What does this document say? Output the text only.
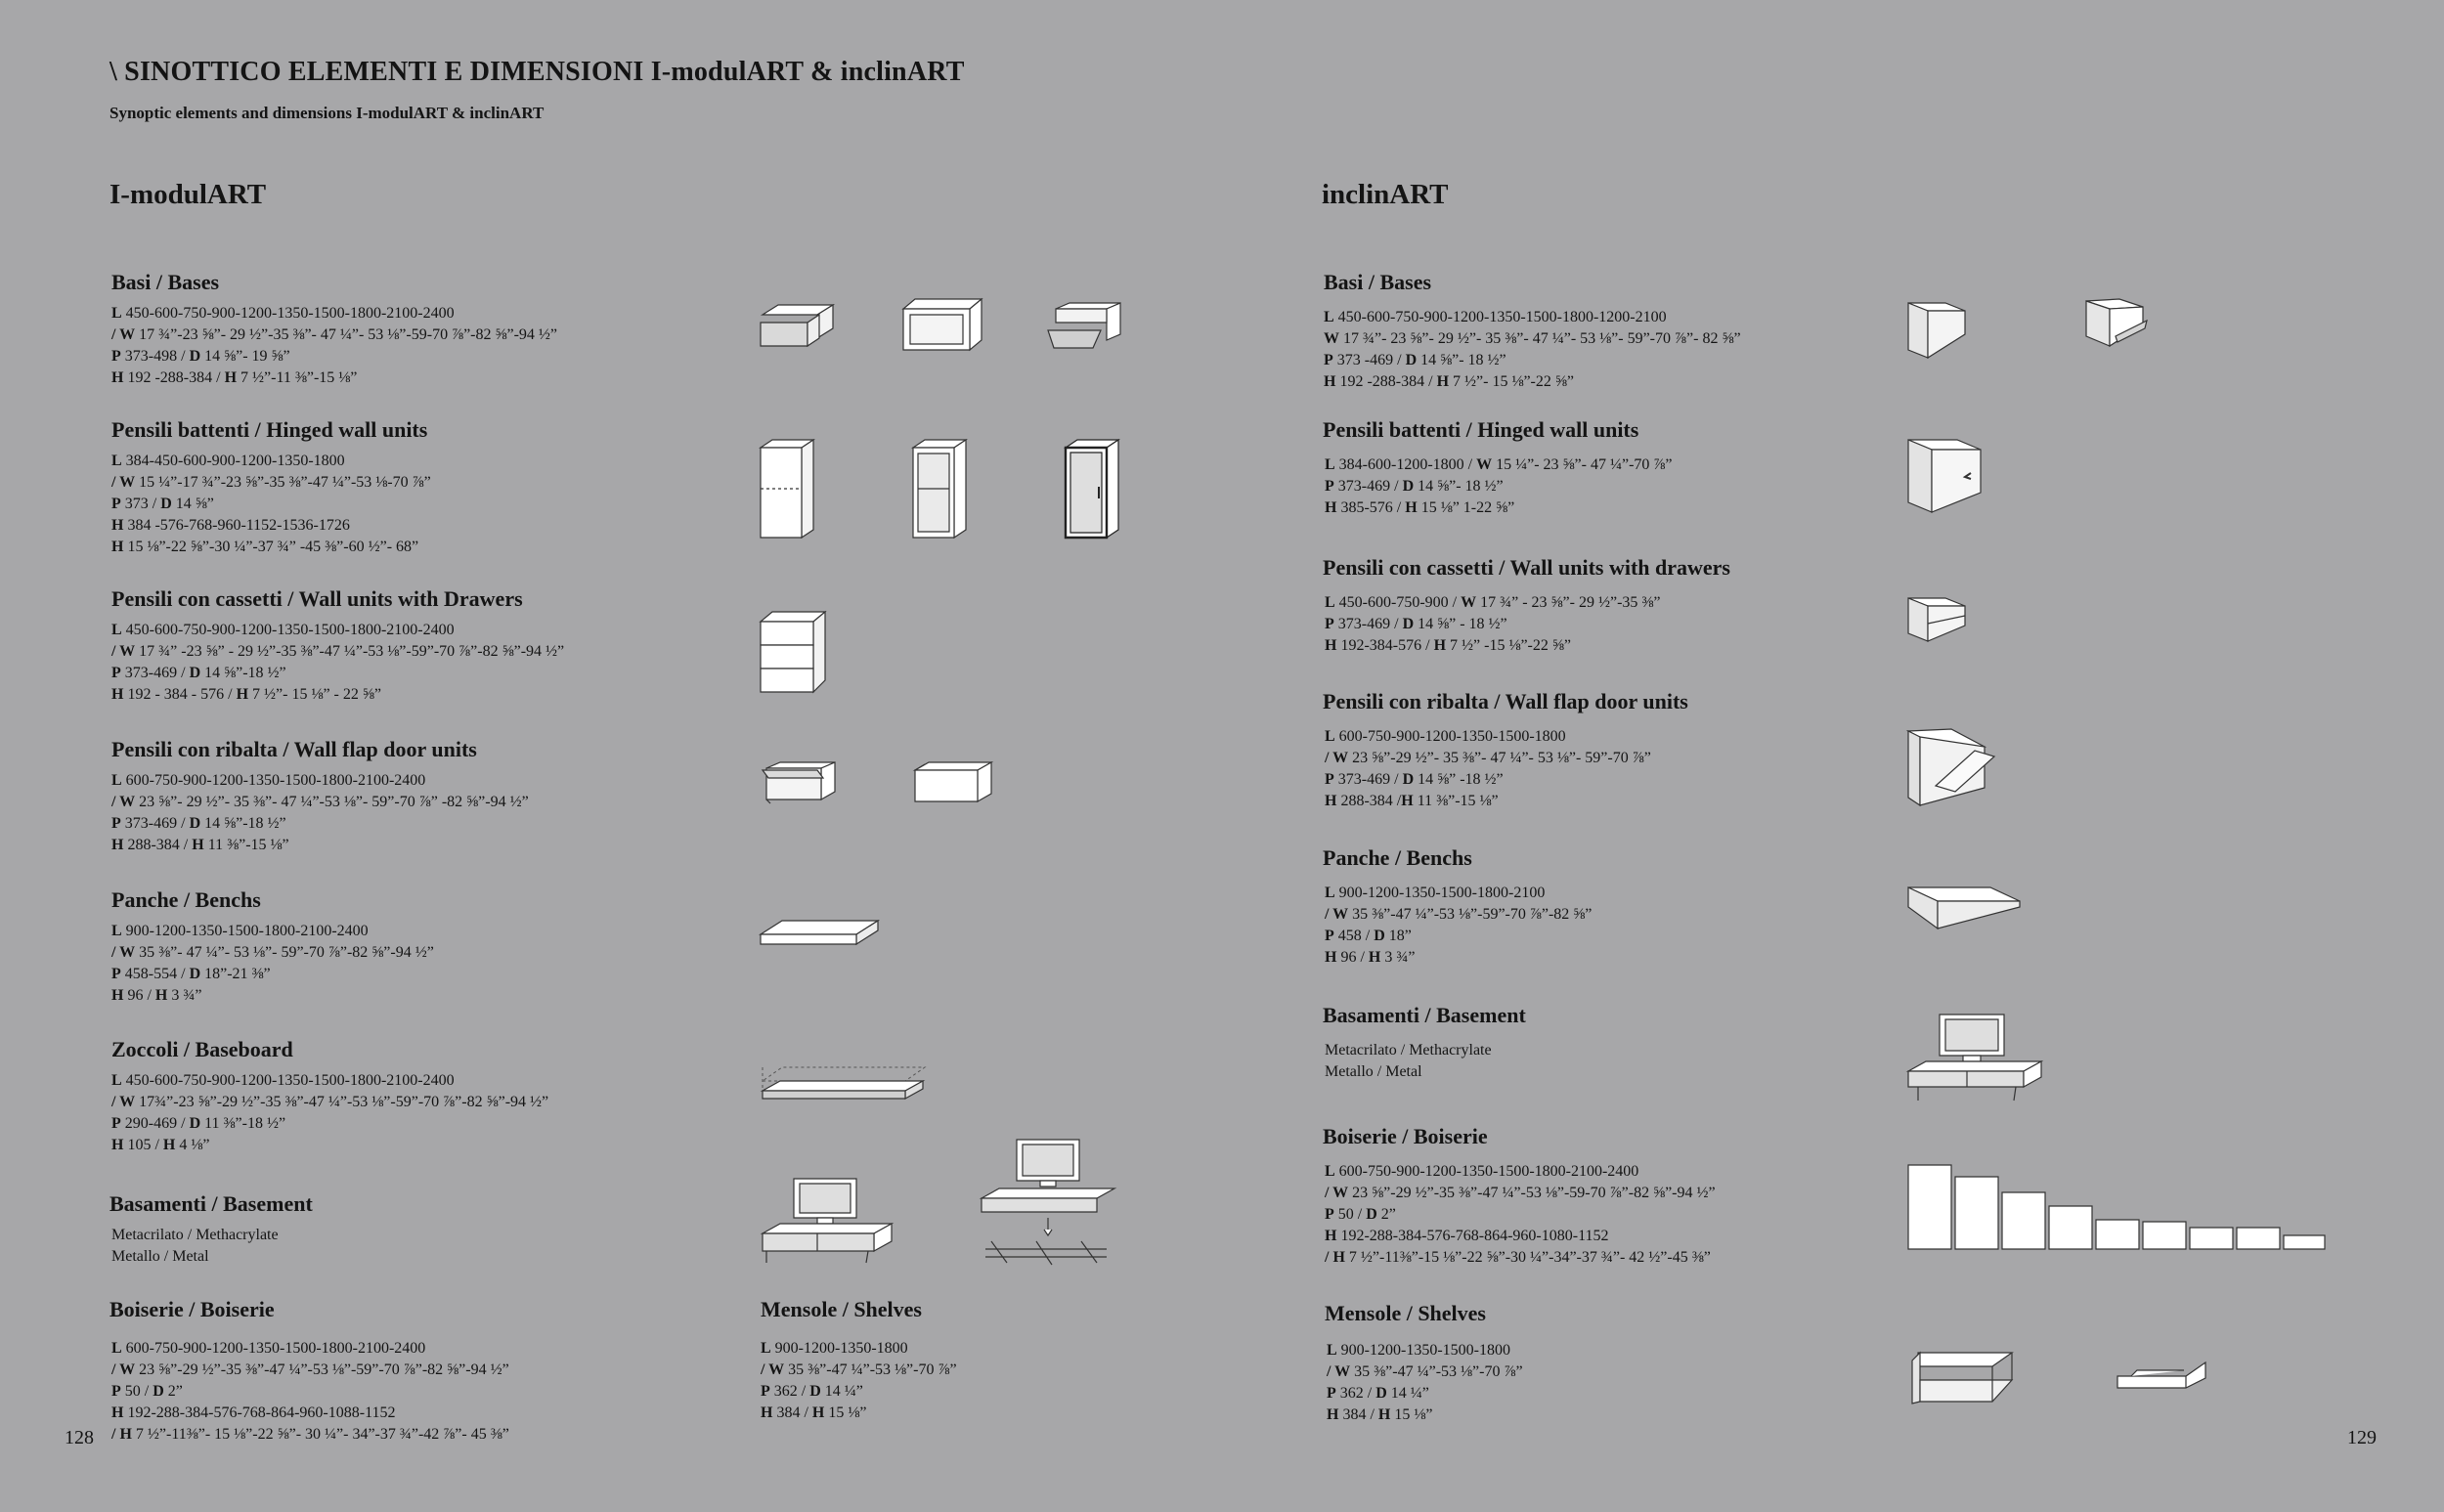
\ SINOTTICO ELEMENTI E DIMENSIONI I-modulART & inclinART
Synoptic elements and dimensions I-modulART & inclinART
I-modulART	inclinART
Basi / Bases
L 450-600-750-900-1200-1350-1500-1800-2100-2400
/ W 17 ¾”-23 ⅝”- 29 ½”-35 ⅜”- 47 ¼”- 53 ⅛”-59-70 ⅞”-82 ⅝”-94 ½”
P 373-498 / D 14 ⅝”- 19 ⅝”
H 192 -288-384 / H 7 ½”-11 ⅜”-15 ⅛”
Pensili battenti / Hinged wall units
L 384-450-600-900-1200-1350-1800
/ W 15 ¼”-17 ¾”-23 ⅝”-35 ⅜”-47 ¼”-53 ⅛-70 ⅞”
P 373 / D 14 ⅝”
H 384 -576-768-960-1152-1536-1726
H 15 ⅛”-22 ⅝”-30 ¼”-37 ¾” -45 ⅜”-60 ½”- 68”
Pensili con cassetti / Wall units with Drawers
L 450-600-750-900-1200-1350-1500-1800-2100-2400
/ W 17 ¾” -23 ⅝” - 29 ½”-35 ⅜”-47 ¼”-53 ⅛”-59”-70 ⅞”-82 ⅝”-94 ½”
P 373-469 / D 14 ⅝”-18 ½”
H 192 - 384 - 576 / H 7 ½”- 15 ⅛” - 22 ⅝”
Pensili con ribalta / Wall flap door units
L 600-750-900-1200-1350-1500-1800-2100-2400
/ W 23 ⅝”- 29 ½”- 35 ⅜”- 47 ¼”-53 ⅛”- 59”-70 ⅞” -82 ⅝”-94 ½”
P 373-469 / D 14 ⅝”-18 ½”
H 288-384 / H 11 ⅜”-15 ⅛”
Panche / Benchs
L 900-1200-1350-1500-1800-2100-2400
/ W 35 ⅜”- 47 ¼”- 53 ⅛”- 59”-70 ⅞”-82 ⅝”-94 ½”
P 458-554 / D 18”-21 ⅜”
H 96 / H 3 ¾”
Zoccoli / Baseboard
L 450-600-750-900-1200-1350-1500-1800-2100-2400
/ W 17¾”-23 ⅝”-29 ½”-35 ⅜”-47 ¼”-53 ⅛”-59”-70 ⅞”-82 ⅝”-94 ½”
P 290-469 / D 11 ⅜”-18 ½”
H 105 / H 4 ⅛”
Basamenti / Basement
Metacrilato / Methacrylate
Metallo / Metal
Boiserie / Boiserie
L 600-750-900-1200-1350-1500-1800-2100-2400
/ W 23 ⅝”-29 ½”-35 ⅜”-47 ¼”-53 ⅛”-59”-70 ⅞”-82 ⅝”-94 ½”
P 50 / D 2”
H 192-288-384-576-768-864-960-1088-1152
/ H 7 ½”-11⅜”- 15 ⅛”-22 ⅝”- 30 ¼”- 34”-37 ¾”-42 ⅞”- 45 ⅜”
Mensole / Shelves
L 900-1200-1350-1800
/ W 35 ⅜”-47 ¼”-53 ⅛”-70 ⅞”
P 362 / D 14 ¼”
H 384 / H 15 ⅛”
128
Basi / Bases
L 450-600-750-900-1200-1350-1500-1800-1200-2100
W 17 ¾”- 23 ⅝”- 29 ½”- 35 ⅜”- 47 ¼”- 53 ⅛”- 59”-70 ⅞”- 82 ⅝”
P 373 -469 / D 14 ⅝”- 18 ½”
H 192 -288-384 / H 7 ½”- 15 ⅛”-22 ⅝”
Pensili battenti / Hinged wall units
L 384-600-1200-1800 / W 15 ¼”- 23 ⅝”- 47 ¼”-70 ⅞”
P 373-469 / D 14 ⅝”- 18 ½”
H 385-576 / H 15 ⅛” 1-22 ⅝”
Pensili con cassetti / Wall units with drawers
L 450-600-750-900 / W 17 ¾” - 23 ⅝”- 29 ½”-35 ⅜”
P 373-469 / D 14 ⅝” - 18 ½”
H 192-384-576 / H 7 ½” -15 ⅛”-22 ⅝”
Pensili con ribalta / Wall flap door units
L 600-750-900-1200-1350-1500-1800
/ W 23 ⅝”-29 ½”- 35 ⅜”- 47 ¼”- 53 ⅛”- 59”-70 ⅞”
P 373-469 / D 14 ⅝” -18 ½”
H 288-384 /H 11 ⅜”-15 ⅛”
Panche / Benchs
L 900-1200-1350-1500-1800-2100
/ W 35 ⅜”-47 ¼”-53 ⅛”-59”-70 ⅞”-82 ⅝”
P 458 / D 18”
H 96 / H 3 ¾”
Basamenti / Basement
Metacrilato / Methacrylate
Metallo / Metal
Boiserie / Boiserie
L 600-750-900-1200-1350-1500-1800-2100-2400
/ W 23 ⅝”-29 ½”-35 ⅜”-47 ¼”-53 ⅛”-59-70 ⅞”-82 ⅝”-94 ½”
P 50 / D 2”
H 192-288-384-576-768-864-960-1080-1152
/ H 7 ½”-11⅜”-15 ⅛”-22 ⅝”-30 ¼”-34”-37 ¾”- 42 ½”-45 ⅜”
Mensole / Shelves
L 900-1200-1350-1500-1800
/ W 35 ⅜”-47 ¼”-53 ⅛”-70 ⅞”
P 362 / D 14 ¼”
H 384 / H 15 ⅛”
129
